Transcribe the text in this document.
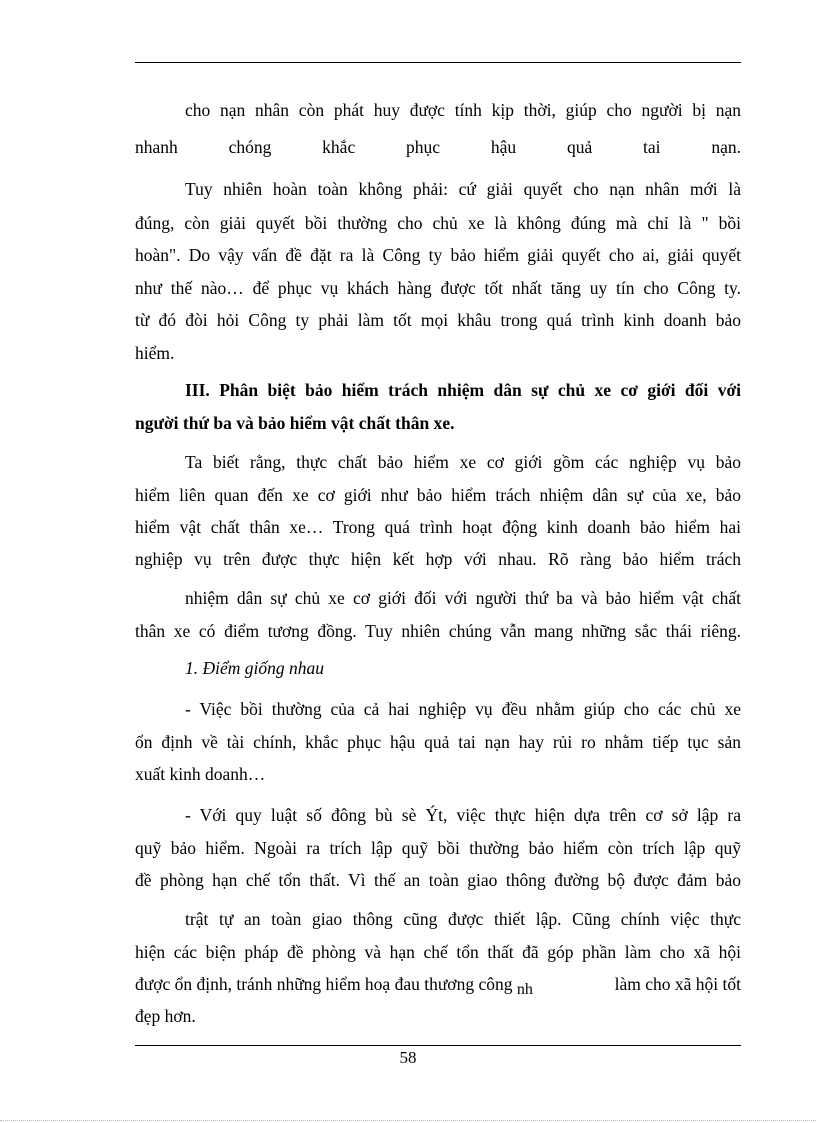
cho nạn nhân còn phát huy được tính kịp thời, giúp cho người bị nạn
nhanh chóng khắc phục hậu quả tai nạn.
Tuy nhiên hoàn toàn không phải: cứ giải quyết cho nạn nhân mới là
đúng, còn giải quyết bồi thường cho chủ xe là không đúng mà chỉ là " bồi
hoàn". Do vậy vấn đề đặt ra là Công ty bảo hiểm giải quyết cho ai, giải quyết
như thế nào… để phục vụ khách hàng được tốt nhất tăng uy tín cho Công ty.
từ đó đòi hỏi Công ty phải làm tốt mọi khâu trong quá trình kinh doanh bảo
hiểm.
III. Phân biệt bảo hiểm trách nhiệm dân sự chủ xe cơ giới đối với
người thứ ba và bảo hiểm vật chất thân xe.
Ta biết rằng, thực chất bảo hiểm xe cơ giới gồm các nghiệp vụ bảo
hiểm liên quan đến xe cơ giới như bảo hiểm trách nhiệm dân sự của xe, bảo
hiểm vật chất thân xe… Trong quá trình hoạt động kinh doanh bảo hiểm hai
nghiệp vụ trên được thực hiện kết hợp với nhau. Rõ ràng bảo hiểm trách
nhiệm dân sự chủ xe cơ giới đối với người thứ ba và bảo hiểm vật chất
thân xe có điểm tương đồng. Tuy nhiên chúng vẫn mang những sắc thái riêng.
1. Điểm giống nhau
- Việc bồi thường của cả hai nghiệp vụ đều nhằm giúp cho các chủ xe
ổn định về tài chính, khắc phục hậu quả tai nạn hay rủi ro nhằm tiếp tục sản
xuất kinh doanh…
- Với quy luật số đông bù sè Ýt, việc thực hiện dựa trên cơ sở lập ra
quỹ bảo hiểm. Ngoài ra trích lập quỹ bồi thường bảo hiểm còn trích lập quỹ
đề phòng hạn chế tổn thất. Vì thế an toàn giao thông đường bộ được đảm bảo
trật tự an toàn giao thông cũng được thiết lập. Cũng chính việc thực
hiện các biện pháp đề phòng và hạn chế tổn thất đã góp phần làm cho xã hội
được ổn định, tránh những hiểm hoạ đau thương công nh	làm cho xã hội tốt
đẹp hơn.
58
